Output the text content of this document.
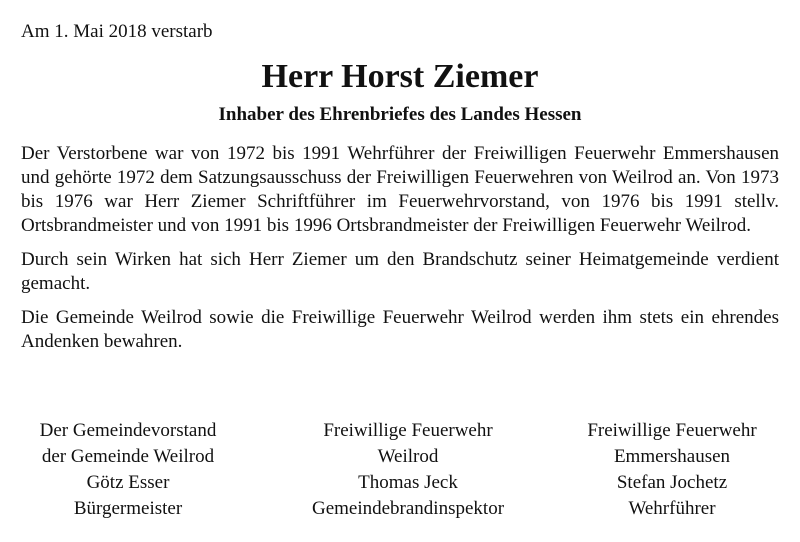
Am 1. Mai 2018 verstarb

Herr Horst Ziemer
Inhaber des Ehrenbriefes des Landes Hessen

Der Verstorbene war von 1972 bis 1991 Wehrführer der Freiwilligen Feuerwehr Emmershausen und gehörte 1972 dem Satzungsausschuss der Freiwilligen Feuerwehren von Weilrod an. Von 1973 bis 1976 war Herr Ziemer Schriftführer im Feuerwehrvorstand, von 1976 bis 1991 stellv. Ortsbrandmeister und von 1991 bis 1996 Ortsbrandmeister der Freiwilligen Feuerwehr Weilrod.

Durch sein Wirken hat sich Herr Ziemer um den Brandschutz seiner Heimatgemeinde verdient gemacht.

Die Gemeinde Weilrod sowie die Freiwillige Feuerwehr Weilrod werden ihm stets ein ehrendes Andenken bewahren.

Der Gemeindevorstand
der Gemeinde Weilrod
Götz Esser
Bürgermeister
Freiwillige Feuerwehr
Weilrod
Thomas Jeck
Gemeindebrandinspektor
Freiwillige Feuerwehr
Emmershausen
Stefan Jochetz
Wehrführer
